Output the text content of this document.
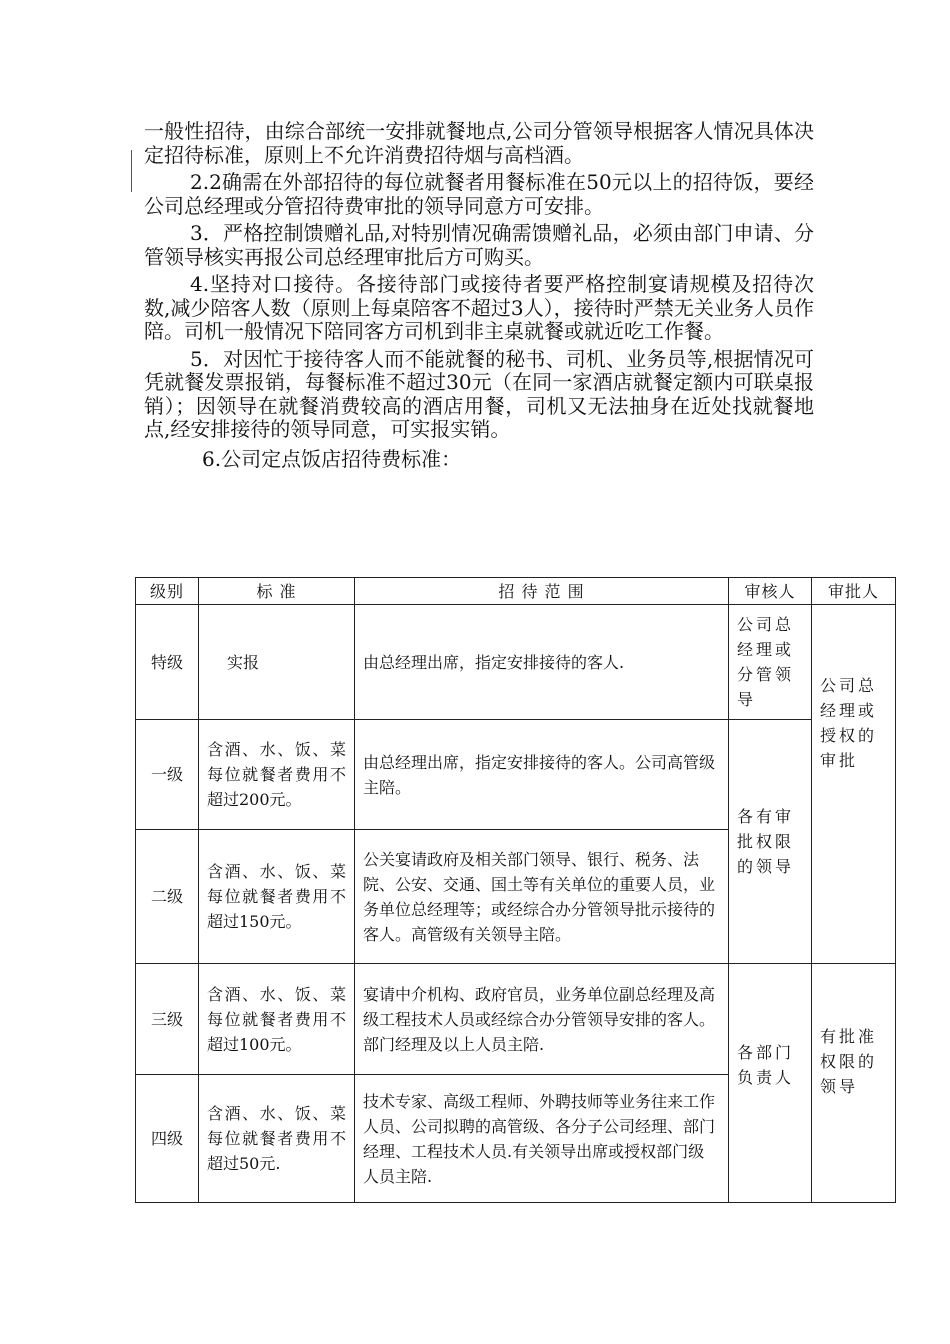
一般性招待，由综合部统一安排就餐地点,公司分管领导根据客人情况具体决定招待标准，原则上不允许消费招待烟与高档酒。

2.2确需在外部招待的每位就餐者用餐标准在50元以上的招待饭，要经公司总经理或分管招待费审批的领导同意方可安排。

3．严格控制馈赠礼品,对特别情况确需馈赠礼品，必须由部门申请、分管领导核实再报公司总经理审批后方可购买。

4.坚持对口接待。各接待部门或接待者要严格控制宴请规模及招待次数,减少陪客人数（原则上每桌陪客不超过3人），接待时严禁无关业务人员作陪。司机一般情况下陪同客方司机到非主桌就餐或就近吃工作餐。

5．对因忙于接待客人而不能就餐的秘书、司机、业务员等,根据情况可凭就餐发票报销，每餐标准不超过30元（在同一家酒店就餐定额内可联桌报销）；因领导在就餐消费较高的酒店用餐，司机又无法抽身在近处找就餐地点,经安排接待的领导同意，可实报实销。

6.公司定点饭店招待费标准：

级别	标 准	招 待 范 围	审核人	审批人
特级	实报	由总经理出席，指定安排接待的客人.	公司总经理或分管领导	公司总经理或授权的审批
一级	含酒、水、饭、菜每位就餐者费用不超过200元。	由总经理出席，指定安排接待的客人。公司高管级主陪。	各有审批权限的领导	
二级	含酒、水、饭、菜每位就餐者费用不超过150元。	公关宴请政府及相关部门领导、银行、税务、法院、公安、交通、国土等有关单位的重要人员，业务单位总经理等；或经综合办分管领导批示接待的客人。高管级有关领导主陪。		
三级	含酒、水、饭、菜每位就餐者费用不超过100元。	宴请中介机构、政府官员，业务单位副总经理及高级工程技术人员或经综合办分管领导安排的客人。部门经理及以上人员主陪.	各部门负责人	有批准权限的领导
四级	含酒、水、饭、菜每位就餐者费用不超过50元.	技术专家、高级工程师、外聘技师等业务往来工作人员、公司拟聘的高管级、各分子公司经理、部门经理、工程技术人员.有关领导出席或授权部门级人员主陪.		
